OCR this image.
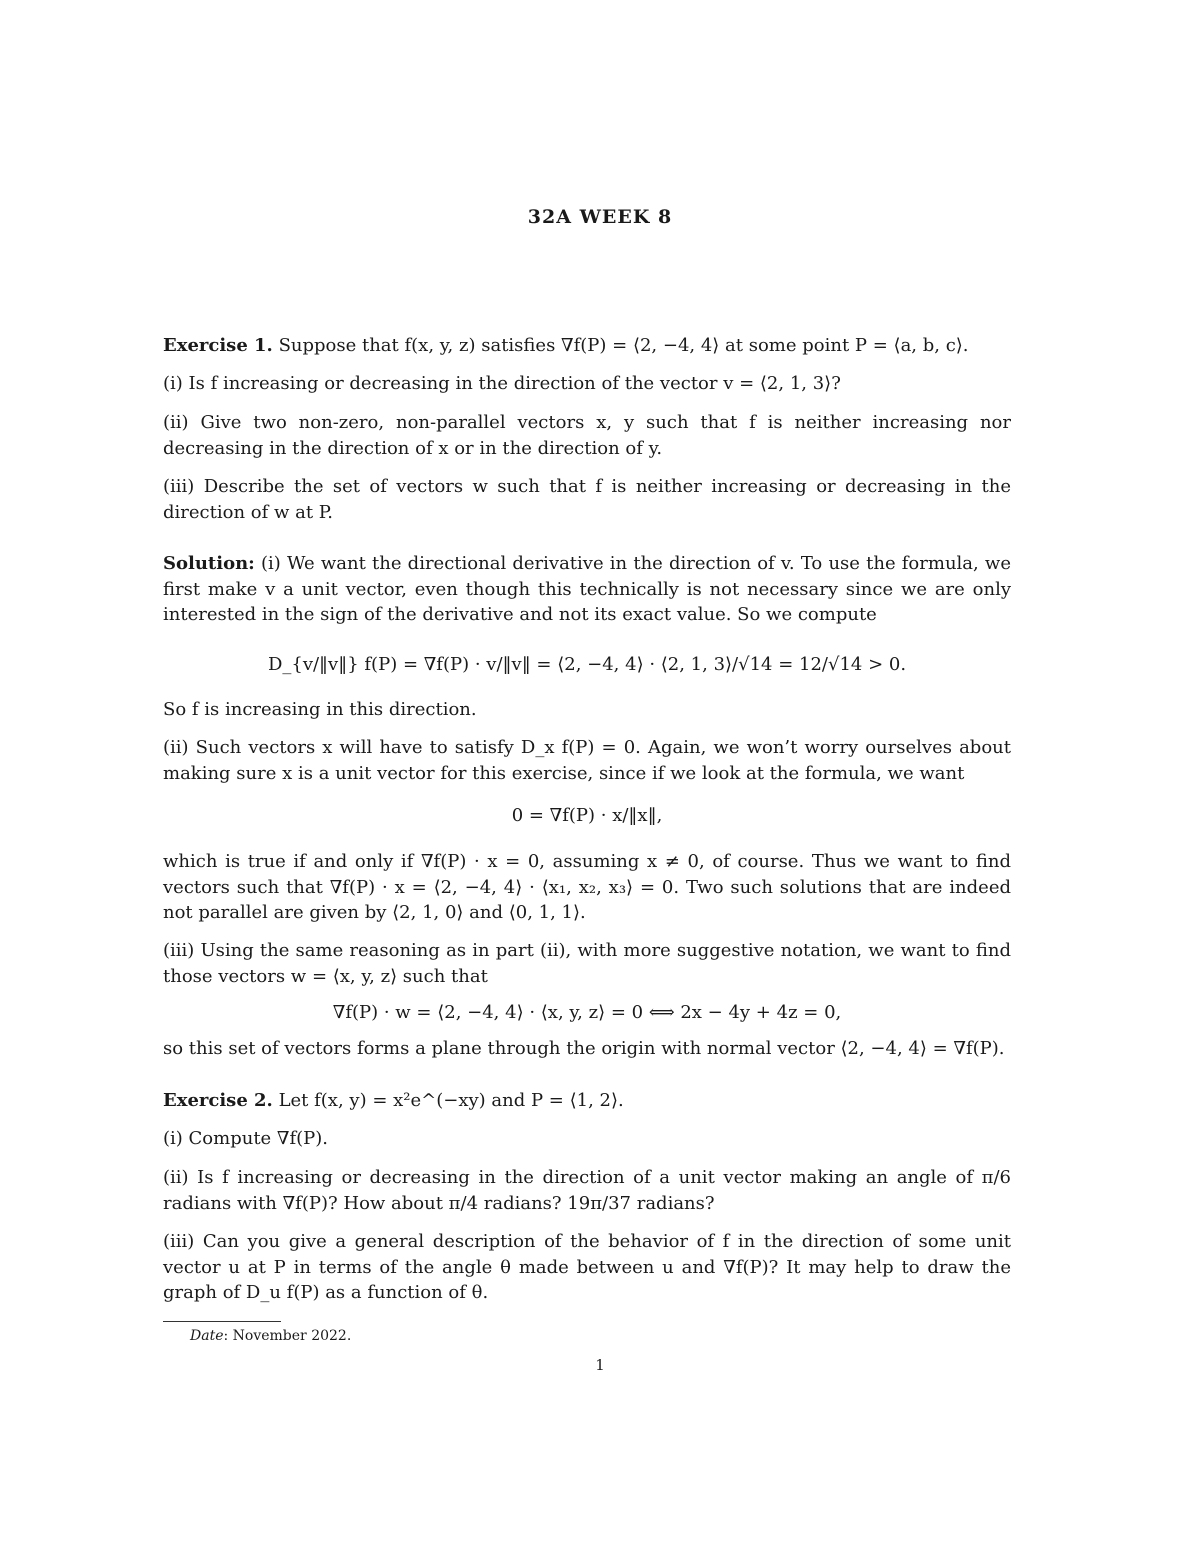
32A WEEK 8
Exercise 1. Suppose that f(x, y, z) satisfies ∇f(P) = ⟨2, −4, 4⟩ at some point P = ⟨a, b, c⟩.
(i) Is f increasing or decreasing in the direction of the vector v = ⟨2, 1, 3⟩?
(ii) Give two non-zero, non-parallel vectors x, y such that f is neither increasing nor decreasing in the direction of x or in the direction of y.
(iii) Describe the set of vectors w such that f is neither increasing or decreasing in the direction of w at P.
Solution: (i) We want the directional derivative in the direction of v. To use the formula, we first make v a unit vector, even though this technically is not necessary since we are only interested in the sign of the derivative and not its exact value. So we compute
D_{v/‖v‖} f(P) = ∇f(P) · v/‖v‖ = ⟨2, −4, 4⟩ · ⟨2, 1, 3⟩/√14 = 12/√14 > 0.
So f is increasing in this direction.
(ii) Such vectors x will have to satisfy D_x f(P) = 0. Again, we won’t worry ourselves about making sure x is a unit vector for this exercise, since if we look at the formula, we want
0 = ∇f(P) · x/‖x‖,
which is true if and only if ∇f(P) · x = 0, assuming x ≠ 0, of course. Thus we want to find vectors such that ∇f(P) · x = ⟨2, −4, 4⟩ · ⟨x₁, x₂, x₃⟩ = 0. Two such solutions that are indeed not parallel are given by ⟨2, 1, 0⟩ and ⟨0, 1, 1⟩.
(iii) Using the same reasoning as in part (ii), with more suggestive notation, we want to find those vectors w = ⟨x, y, z⟩ such that
∇f(P) · w = ⟨2, −4, 4⟩ · ⟨x, y, z⟩ = 0 ⟺ 2x − 4y + 4z = 0,
so this set of vectors forms a plane through the origin with normal vector ⟨2, −4, 4⟩ = ∇f(P).
Exercise 2. Let f(x, y) = x²e^(−xy) and P = ⟨1, 2⟩.
(i) Compute ∇f(P).
(ii) Is f increasing or decreasing in the direction of a unit vector making an angle of π/6 radians with ∇f(P)? How about π/4 radians? 19π/37 radians?
(iii) Can you give a general description of the behavior of f in the direction of some unit vector u at P in terms of the angle θ made between u and ∇f(P)? It may help to draw the graph of D_u f(P) as a function of θ.
Date: November 2022.
1
